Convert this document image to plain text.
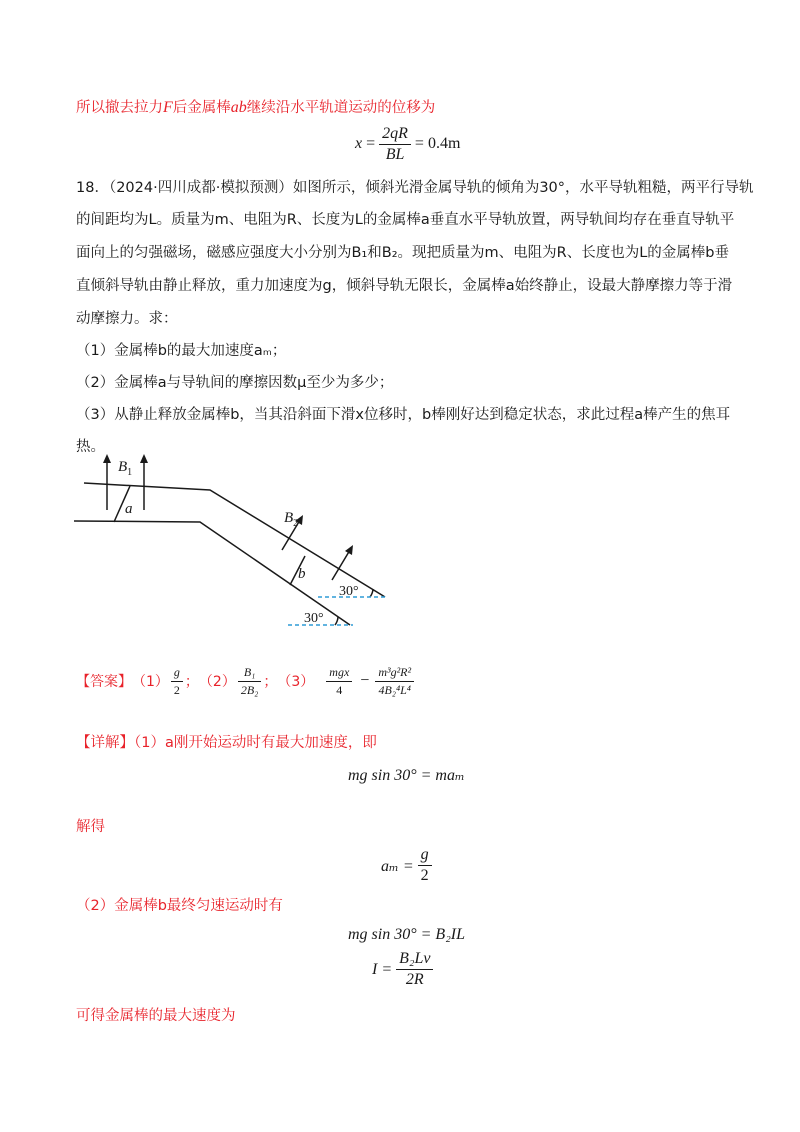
所以撤去拉力F后金属棒ab继续沿水平轨道运动的位移为
$x = \frac{2qR}{BL} = 0.4m$
18．（2024·四川成都·模拟预测）如图所示，倾斜光滑金属导轨的倾角为30°，水平导轨粗糙，两平行导轨
的间距均为L。质量为m、电阻为R、长度为L的金属棒a垂直水平导轨放置，两导轨间均存在垂直导轨平
面向上的匀强磁场，磁感应强度大小分别为B₁和B₂。现把质量为m、电阻为R、长度也为L的金属棒b垂
直倾斜导轨由静止释放，重力加速度为g，倾斜导轨无限长，金属棒a始终静止，设最大静摩擦力等于滑
动摩擦力。求：
（1）金属棒b的最大加速度aₘ；
（2）金属棒a与导轨间的摩擦因数μ至少为多少；
（3）从静止释放金属棒b，当其沿斜面下滑x位移时，b棒刚好达到稳定状态，求此过程a棒产生的焦耳
热。
$B_1$
a
$B_2$
b
30°
30°
【答案】 $(1) \frac{g}{2}$ ； $(2) \frac{\text{B₁}}{\text{2B₂}}$ ； $(3) \frac{\text{mgx}}{4} - \frac{\text{m³g²R²}}{\text{4B₂⁴L⁴}}$
【详解】（1）a刚开始运动时有最大加速度，即
mg sin 30° = maₘ
解得
$a_m = \frac{g}{2}$
（2）金属棒b最终匀速运动时有
mg sin 30° = B₂IL
$I = \frac{\text{B₂Lv}}{2R}$
可得金属棒的最大速度为
